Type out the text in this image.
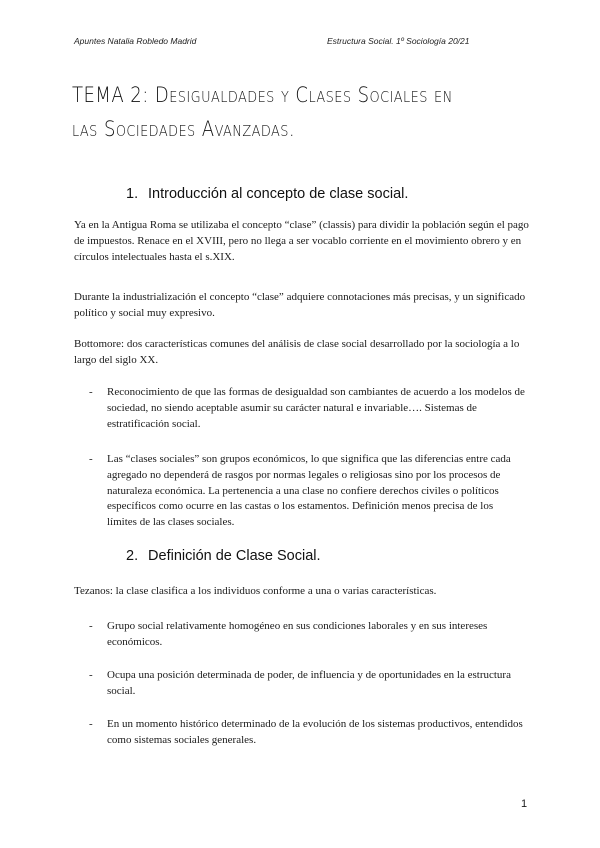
Apuntes Natalia Robledo Madrid	Estructura Social. 1º Sociología 20/21
TEMA 2: Desigualdades y Clases Sociales en las Sociedades Avanzadas.
1. Introducción al concepto de clase social.

Ya en la Antigua Roma se utilizaba el concepto “clase” (classis) para dividir la población según el pago de impuestos. Renace en el XVIII, pero no llega a ser vocablo corriente en el movimiento obrero y en círculos intelectuales hasta el s.XIX.

Durante la industrialización el concepto “clase” adquiere connotaciones más precisas, y un significado político y social muy expresivo.

Bottomore: dos características comunes del análisis de clase social desarrollado por la sociología a lo largo del siglo XX.

- Reconocimiento de que las formas de desigualdad son cambiantes de acuerdo a los modelos de sociedad, no siendo aceptable asumir su carácter natural e invariable…. Sistemas de estratificación social.
- Las “clases sociales” son grupos económicos, lo que significa que las diferencias entre cada agregado no dependerá de rasgos por normas legales o religiosas sino por los procesos de naturaleza económica. La pertenencia a una clase no confiere derechos civiles o políticos específicos como ocurre en las castas o los estamentos. Definición menos precisa de los límites de las clases sociales.
2. Definición de Clase Social.

Tezanos: la clase clasifica a los individuos conforme a una o varias características.

- Grupo social relativamente homogéneo en sus condiciones laborales y en sus intereses económicos.
- Ocupa una posición determinada de poder, de influencia y de oportunidades en la estructura social.
- En un momento histórico determinado de la evolución de los sistemas productivos, entendidos como sistemas sociales generales.
1
